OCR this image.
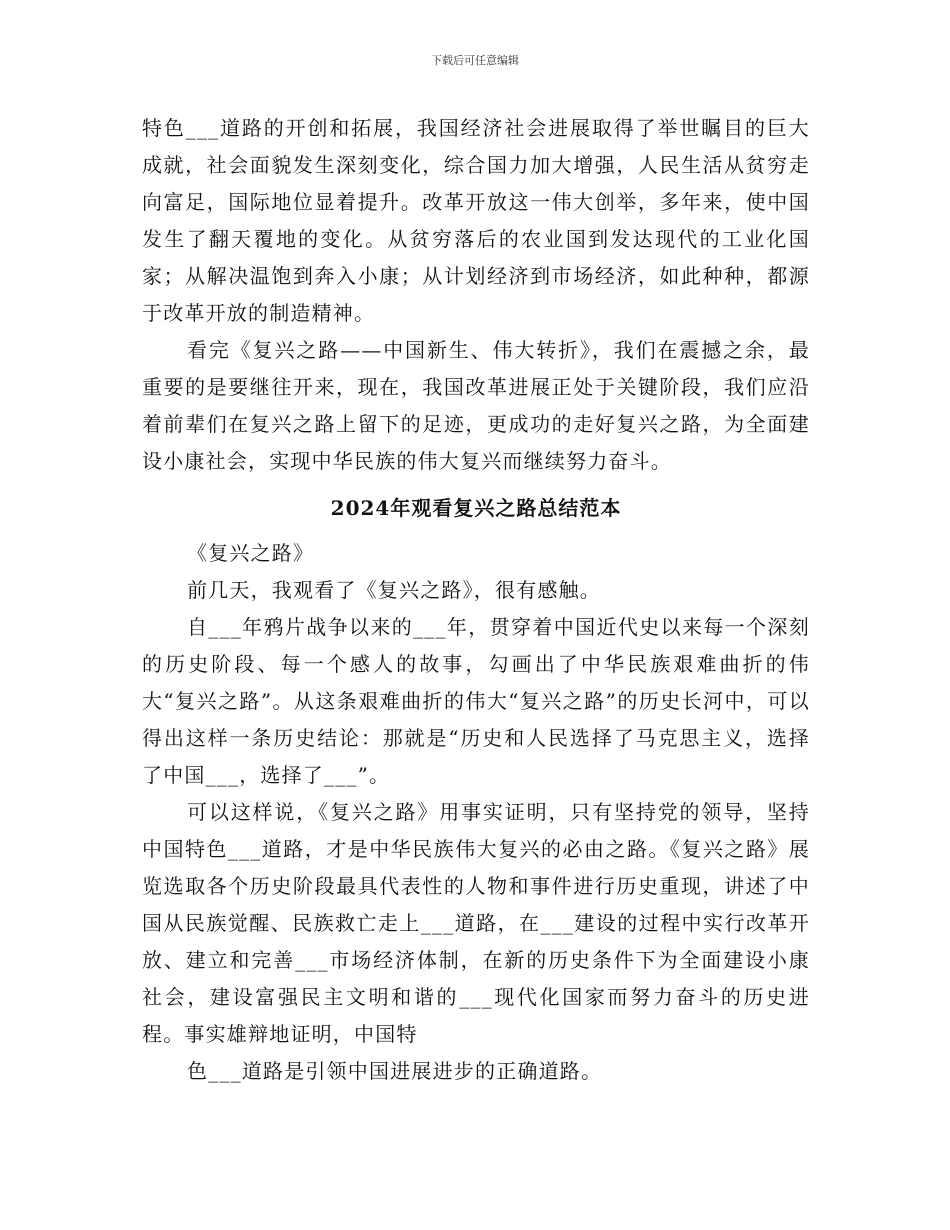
下载后可任意编辑

特色___道路的开创和拓展，我国经济社会进展取得了举世瞩目的巨大成就，社会面貌发生深刻变化，综合国力加大增强，人民生活从贫穷走向富足，国际地位显着提升。改革开放这一伟大创举，多年来，使中国发生了翻天覆地的变化。从贫穷落后的农业国到发达现代的工业化国家；从解决温饱到奔入小康；从计划经济到市场经济，如此种种，都源于改革开放的制造精神。

看完《复兴之路——中国新生、伟大转折》，我们在震撼之余，最重要的是要继往开来，现在，我国改革进展正处于关键阶段，我们应沿着前辈们在复兴之路上留下的足迹，更成功的走好复兴之路，为全面建设小康社会，实现中华民族的伟大复兴而继续努力奋斗。

2024年观看复兴之路总结范本

《复兴之路》

前几天，我观看了《复兴之路》，很有感触。

自___年鸦片战争以来的___年，贯穿着中国近代史以来每一个深刻的历史阶段、每一个感人的故事，勾画出了中华民族艰难曲折的伟大“复兴之路”。从这条艰难曲折的伟大“复兴之路”的历史长河中，可以得出这样一条历史结论：那就是“历史和人民选择了马克思主义，选择了中国___，选择了___”。

可以这样说，《复兴之路》用事实证明，只有坚持党的领导，坚持中国特色___道路，才是中华民族伟大复兴的必由之路。《复兴之路》展览选取各个历史阶段最具代表性的人物和事件进行历史重现，讲述了中国从民族觉醒、民族救亡走上___道路，在___建设的过程中实行改革开放、建立和完善___市场经济体制，在新的历史条件下为全面建设小康社会，建设富强民主文明和谐的___现代化国家而努力奋斗的历史进程。事实雄辩地证明，中国特

色___道路是引领中国进展进步的正确道路。
